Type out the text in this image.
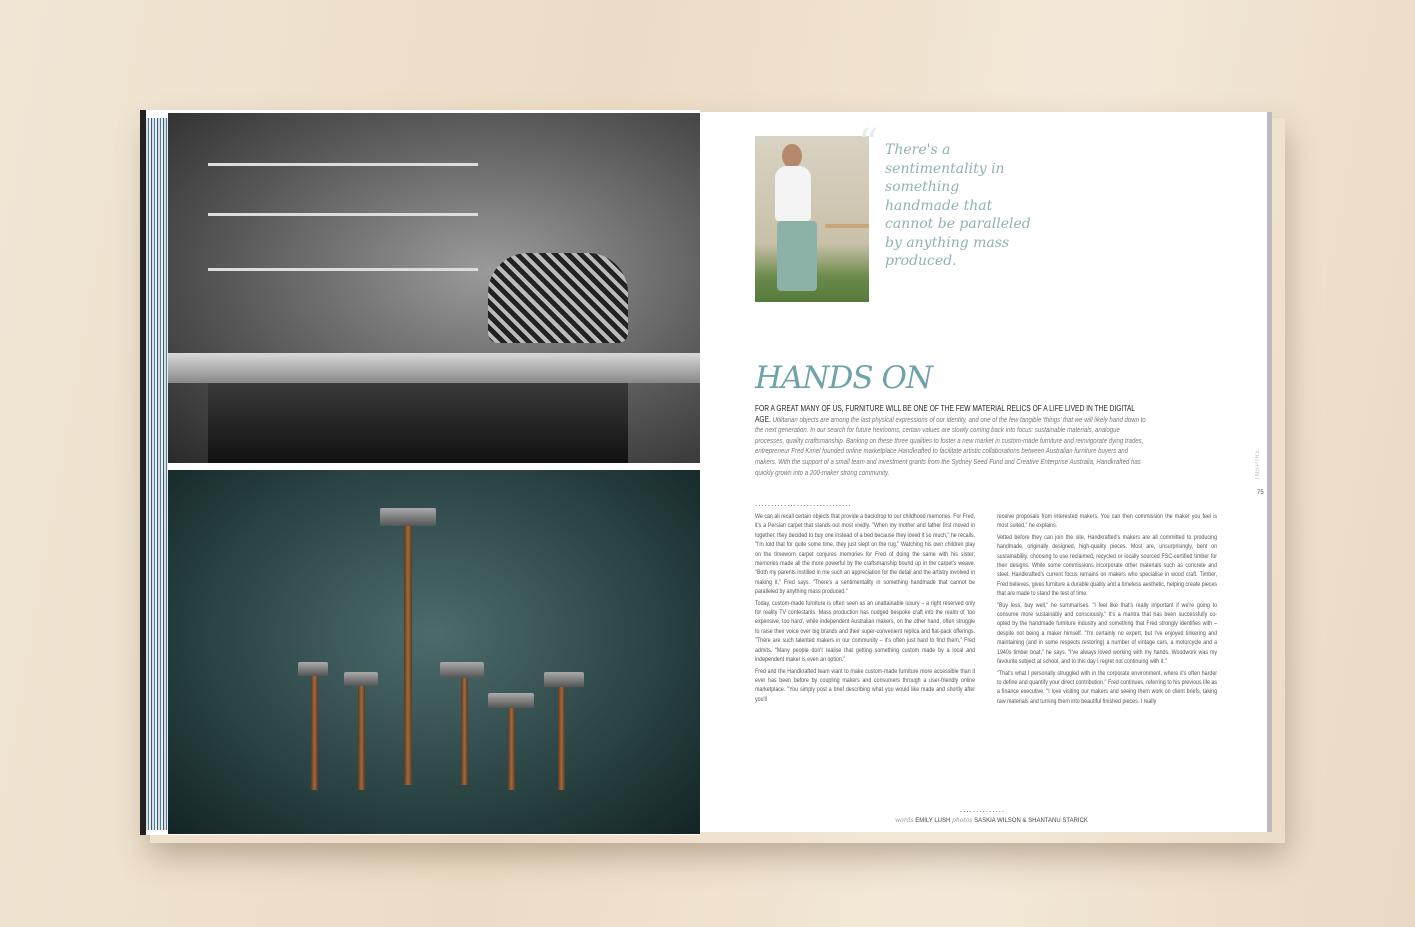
“ There's a sentimentality in something handmade that cannot be paralleled by anything mass produced.
HANDS ON
FOR A GREAT MANY OF US, FURNITURE WILL BE ONE OF THE FEW MATERIAL RELICS OF A LIFE LIVED IN THE DIGITAL AGE. Utilitarian objects are among the last physical expressions of our identity, and one of the few tangible 'things' that we will likely hand down to the next generation. In our search for future heirlooms, certain values are slowly coming back into focus: sustainable materials, analogue processes, quality craftsmanship. Banking on these three qualities to foster a new market in custom-made furniture and reinvigorate dying trades, entrepreneur Fred Kimel founded online marketplace Handkrafted to facilitate artistic collaborations between Australian furniture buyers and makers. With the support of a small team and investment grants from the Sydney Seed Fund and Creative Enterprise Australia, Handkrafted has quickly grown into a 200-maker strong community.
..............................

We can all recall certain objects that provide a backdrop to our childhood memories. For Fred, it's a Persian carpet that stands out most vividly. "When my mother and father first moved in together, they decided to buy one instead of a bed because they loved it so much," he recalls. "I'm told that for quite some time, they just slept on the rug." Watching his own children play on the timeworn carpet conjures memories for Fred of doing the same with his sister; memories made all the more powerful by the craftsmanship bound up in the carpet's weave. "Both my parents instilled in me such an appreciation for the detail and the artistry involved in making it," Fred says. "There's a sentimentality in something handmade that cannot be paralleled by anything mass produced."

Today, custom-made furniture is often seen as an unattainable luxury – a right reserved only for reality TV contestants. Mass production has nudged bespoke craft into the realm of 'too expensive, too hard', while independent Australian makers, on the other hand, often struggle to raise their voice over big brands and their super-convenient replica and flat-pack offerings. "There are such talented makers in our community – it's often just hard to find them," Fred admits. "Many people don't realise that getting something custom made by a local and independent maker is even an option."

Fred and the Handkrafted team want to make custom-made furniture more accessible than it ever has been before by coupling makers and consumers through a user-friendly online marketplace. "You simply post a brief describing what you would like made and shortly after you'll

receive proposals from interested makers. You can then commission the maker you feel is most suited," he explains.

Vetted before they can join the site, Handkrafted's makers are all committed to producing handmade, originally designed, high-quality pieces. Most are, unsurprisingly, bent on sustainability, choosing to use reclaimed, recycled or locally sourced FSC-certified timber for their designs. While some commissions incorporate other materials such as concrete and steel, Handkrafted's current focus remains on makers who specialise in wood craft. Timber, Fred believes, gives furniture a durable quality and a timeless aesthetic, helping create pieces that are made to stand the test of time.

"Buy less, buy well," he summarises. "I feel like that's really important if we're going to consume more sustainably and consciously." It's a mantra that has been successfully co-opted by the handmade furniture industry and something that Fred strongly identifies with – despite not being a maker himself. "I'm certainly no expert, but I've enjoyed tinkering and maintaining (and in some respects restoring) a number of vintage cars, a motorcycle and a 1940s timber boat," he says. "I've always loved working with my hands. Woodwork was my favourite subject at school, and to this day I regret not continuing with it."

"That's what I personally struggled with in the corporate environment, where it's often harder to define and quantify your direct contribution," Fred continues, referring to his previous life as a finance executive. "I love visiting our makers and seeing them work on client briefs, taking raw materials and turning them into beautiful finished pieces. I really

..............
words EMILY LUSH photos SASKIA WILSON & SHANTANU STARICK
INSPIRE
75
